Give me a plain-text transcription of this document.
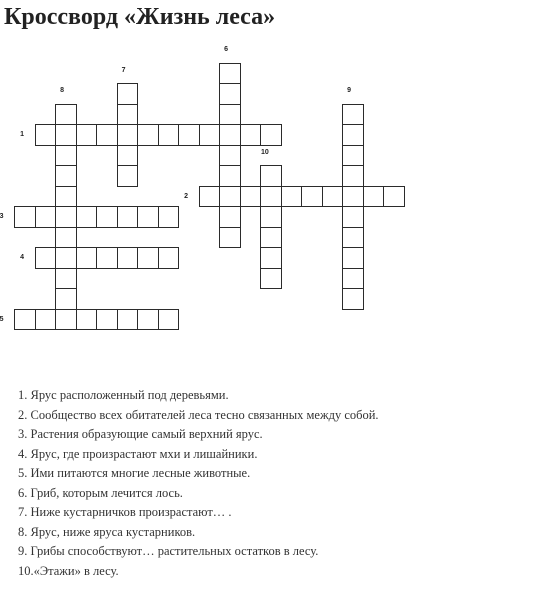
Кроссворд «Жизнь леса»
1
2
3
4
5
6
7
8	9
10
1. Ярус расположенный под деревьями.
2. Сообщество всех обитателей леса тесно связанных между собой.
3. Растения образующие самый верхний ярус.
4. Ярус, где произрастают мхи и лишайники.
5. Ими питаются многие лесные животные.
6. Гриб, которым лечится лось.
7. Ниже кустарничков произрастают… .
8. Ярус, ниже яруса кустарников.
9. Грибы способствуют… растительных остатков в лесу.
10.«Этажи» в лесу.
